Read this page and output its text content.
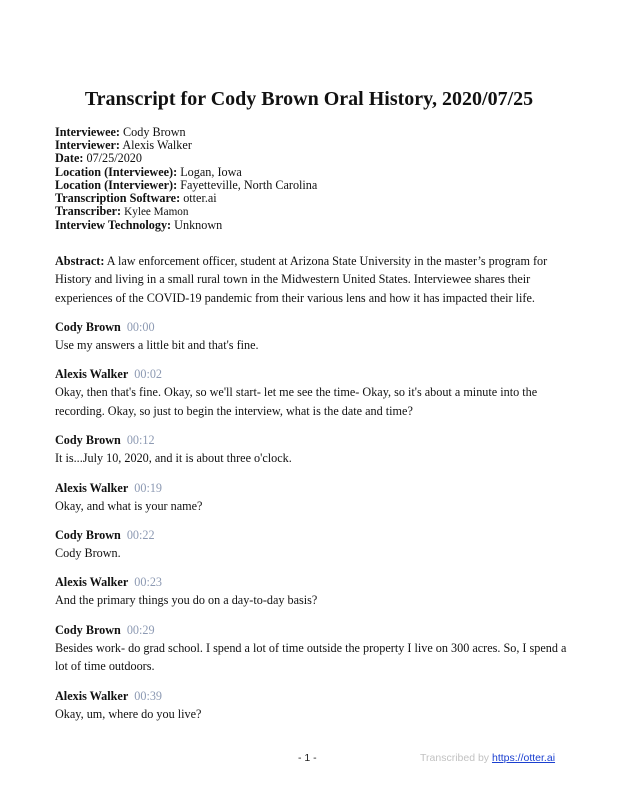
Transcript for Cody Brown Oral History, 2020/07/25
Interviewee: Cody Brown
Interviewer: Alexis Walker
Date: 07/25/2020
Location (Interviewee): Logan, Iowa
Location (Interviewer): Fayetteville, North Carolina
Transcription Software: otter.ai
Transcriber: Kylee Mamon
Interview Technology: Unknown
Abstract: A law enforcement officer, student at Arizona State University in the master’s program for History and living in a small rural town in the Midwestern United States. Interviewee shares their experiences of the COVID-19 pandemic from their various lens and how it has impacted their life.
Cody Brown 00:00
Use my answers a little bit and that's fine.
Alexis Walker 00:02
Okay, then that's fine. Okay, so we'll start- let me see the time- Okay, so it's about a minute into the recording. Okay, so just to begin the interview, what is the date and time?
Cody Brown 00:12
It is...July 10, 2020, and it is about three o'clock.
Alexis Walker 00:19
Okay, and what is your name?
Cody Brown 00:22
Cody Brown.
Alexis Walker 00:23
And the primary things you do on a day-to-day basis?
Cody Brown 00:29
Besides work- do grad school. I spend a lot of time outside the property I live on 300 acres. So, I spend a lot of time outdoors.
Alexis Walker 00:39
Okay, um, where do you live?
- 1 -	Transcribed by https://otter.ai
